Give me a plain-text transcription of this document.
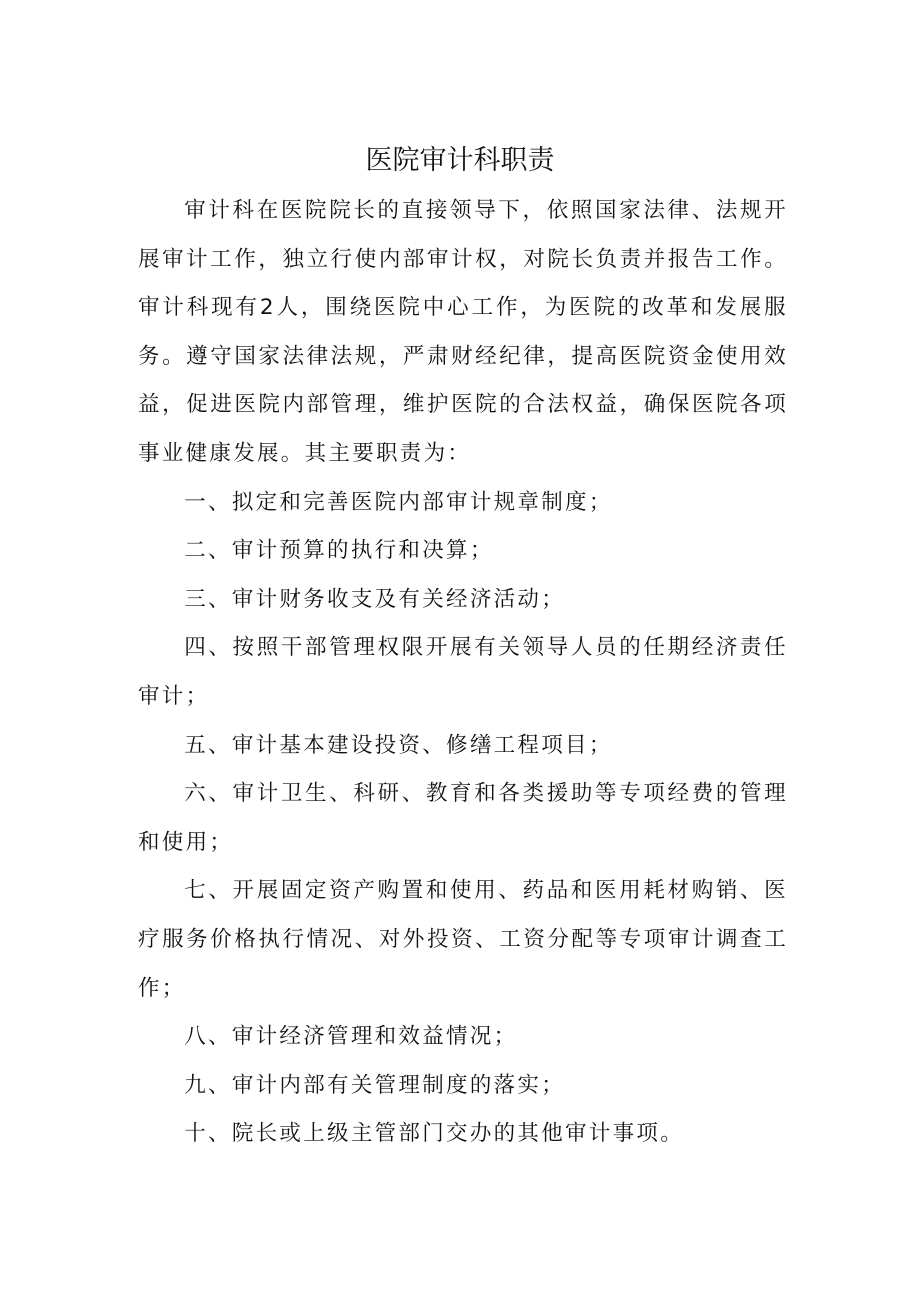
医院审计科职责

审计科在医院院长的直接领导下，依照国家法律、法规开展审计工作，独立行使内部审计权，对院长负责并报告工作。审计科现有2人，围绕医院中心工作，为医院的改革和发展服务。遵守国家法律法规，严肃财经纪律，提高医院资金使用效益，促进医院内部管理，维护医院的合法权益，确保医院各项事业健康发展。其主要职责为：

一、拟定和完善医院内部审计规章制度；

二、审计预算的执行和决算；

三、审计财务收支及有关经济活动；

四、按照干部管理权限开展有关领导人员的任期经济责任审计；

五、审计基本建设投资、修缮工程项目；

六、审计卫生、科研、教育和各类援助等专项经费的管理和使用；

七、开展固定资产购置和使用、药品和医用耗材购销、医疗服务价格执行情况、对外投资、工资分配等专项审计调查工作；

八、审计经济管理和效益情况；

九、审计内部有关管理制度的落实；

十、院长或上级主管部门交办的其他审计事项。
